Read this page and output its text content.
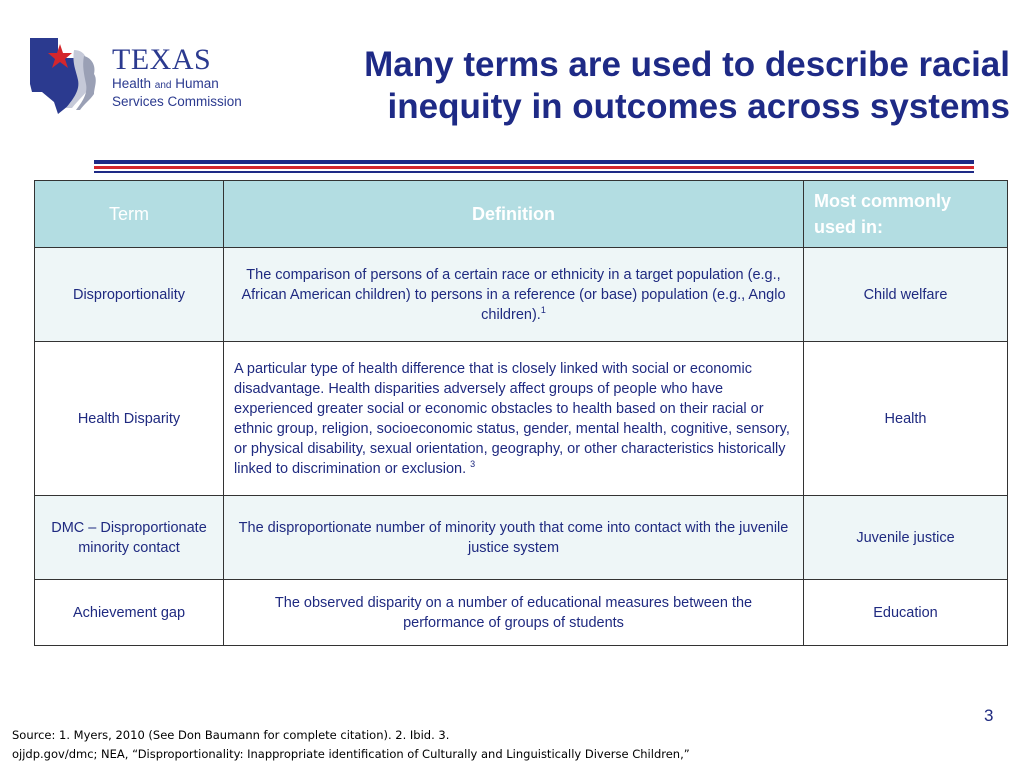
TEXAS
Health and Human
Services Commission
Many terms are used to describe racial inequity in outcomes across systems
Term	Definition	Most commonly used in:
Disproportionality	The comparison of persons of a certain race or ethnicity in a target population (e.g., African American children) to persons in a reference (or base) population (e.g., Anglo children).$^1$	Child welfare
Health Disparity	A particular type of health difference that is closely linked with social or economic disadvantage. Health disparities adversely affect groups of people who have experienced greater social or economic obstacles to health based on their racial or ethnic group, religion, socioeconomic status, gender, mental health, cognitive, sensory, or physical disability, sexual orientation, geography, or other characteristics historically linked to discrimination or exclusion. $^3$	Health
DMC – Disproportionate minority contact	The disproportionate number of minority youth that come into contact with the juvenile justice system	Juvenile justice
Achievement gap	The observed disparity on a number of educational measures between the performance of groups of students	Education
3
Source: 1. Myers, 2010 (See Don Baumann for complete citation). 2. Ibid. 3.
ojjdp.gov/dmc; NEA, “Disproportionality: Inappropriate identification of Culturally and Linguistically Diverse Children,”
